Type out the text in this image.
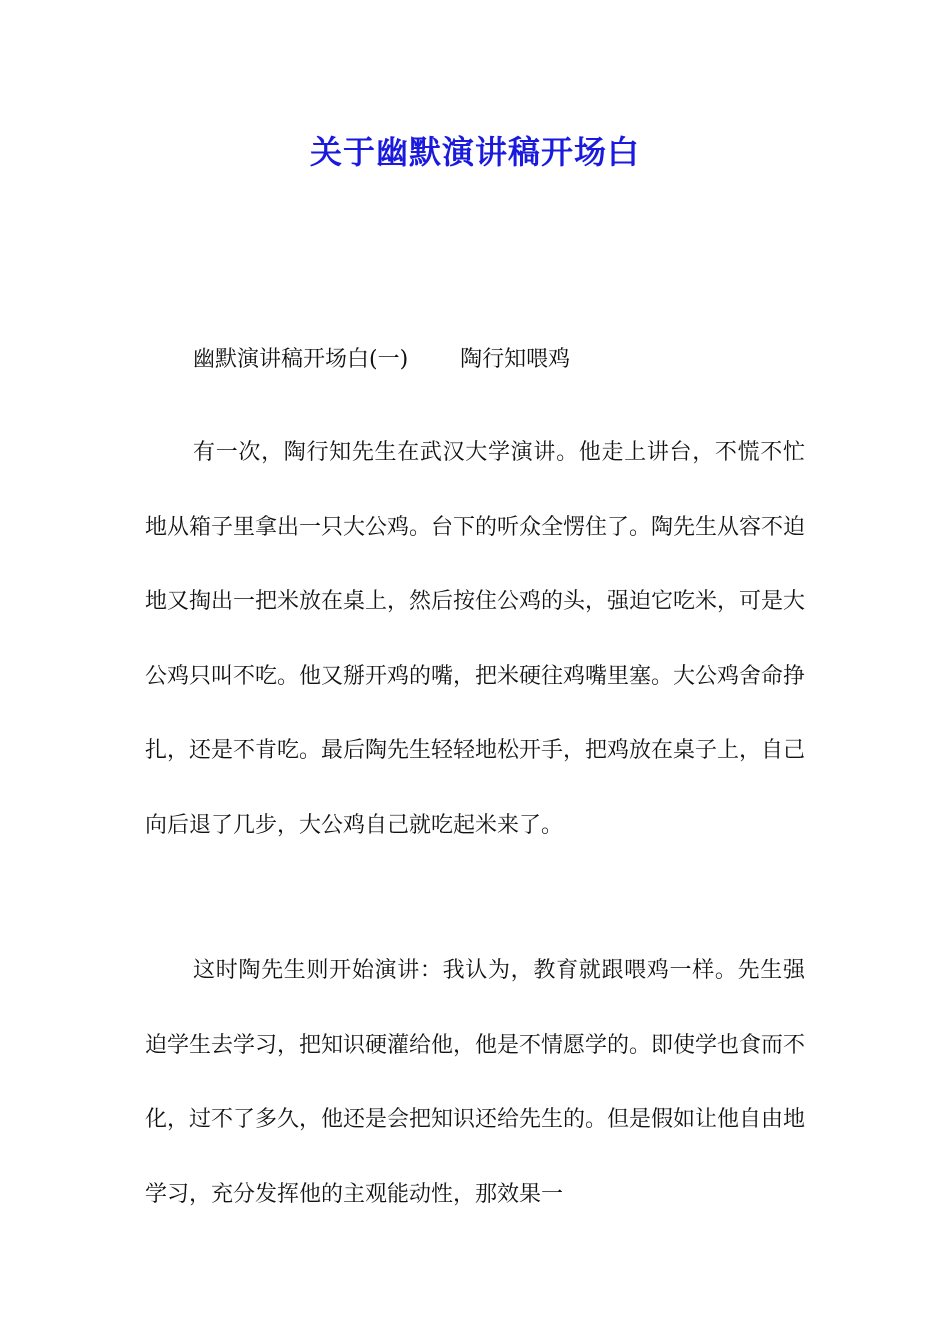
关于幽默演讲稿开场白
幽默演讲稿开场白(一) 陶行知喂鸡

有一次，陶行知先生在武汉大学演讲。他走上讲台，不慌不忙地从箱子里拿出一只大公鸡。台下的听众全愣住了。陶先生从容不迫地又掏出一把米放在桌上，然后按住公鸡的头，强迫它吃米，可是大公鸡只叫不吃。他又掰开鸡的嘴，把米硬往鸡嘴里塞。大公鸡舍命挣扎，还是不肯吃。最后陶先生轻轻地松开手，把鸡放在桌子上，自己向后退了几步，大公鸡自己就吃起米来了。

这时陶先生则开始演讲：我认为，教育就跟喂鸡一样。先生强迫学生去学习，把知识硬灌给他，他是不情愿学的。即使学也食而不化，过不了多久，他还是会把知识还给先生的。但是假如让他自由地学习，充分发挥他的主观能动性，那效果一
